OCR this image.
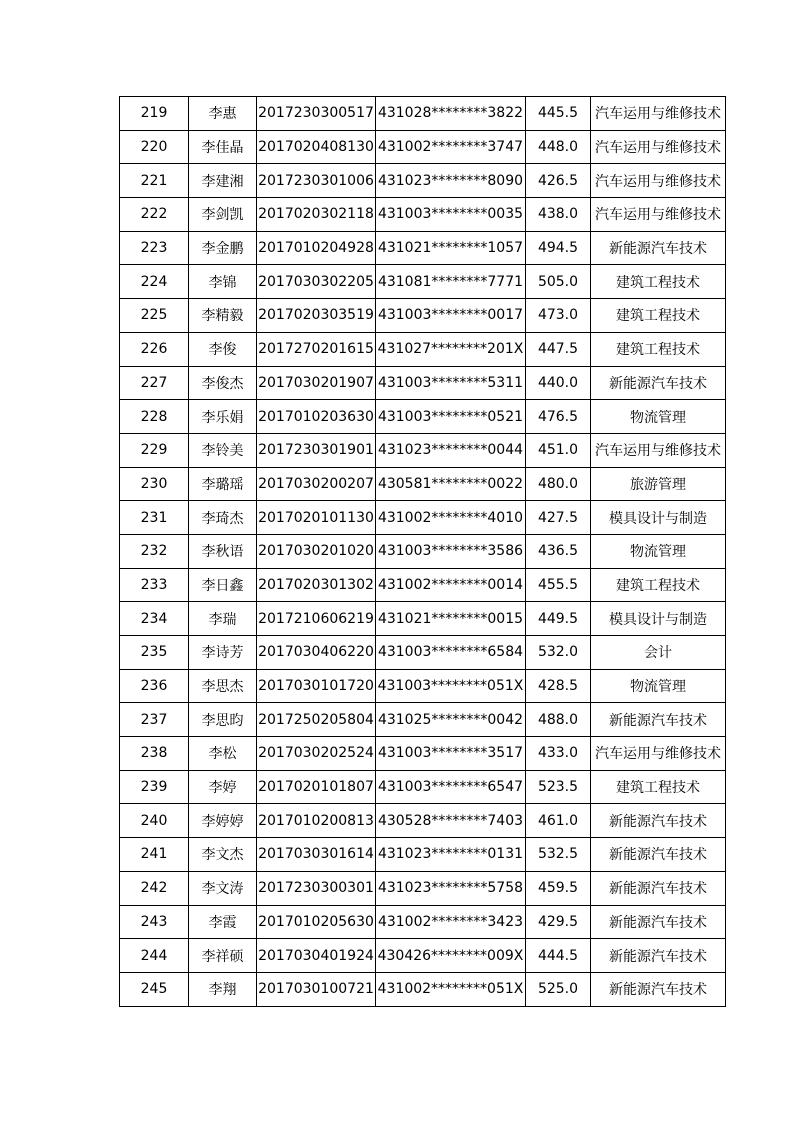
219	李惠	2017230300517	431028********3822	445.5	汽车运用与维修技术
220	李佳晶	2017020408130	431002********3747	448.0	汽车运用与维修技术
221	李建湘	2017230301006	431023********8090	426.5	汽车运用与维修技术
222	李剑凯	2017020302118	431003********0035	438.0	汽车运用与维修技术
223	李金鹏	2017010204928	431021********1057	494.5	新能源汽车技术
224	李锦	2017030302205	431081********7771	505.0	建筑工程技术
225	李精毅	2017020303519	431003********0017	473.0	建筑工程技术
226	李俊	2017270201615	431027********201X	447.5	建筑工程技术
227	李俊杰	2017030201907	431003********5311	440.0	新能源汽车技术
228	李乐娟	2017010203630	431003********0521	476.5	物流管理
229	李铃美	2017230301901	431023********0044	451.0	汽车运用与维修技术
230	李璐瑶	2017030200207	430581********0022	480.0	旅游管理
231	李琦杰	2017020101130	431002********4010	427.5	模具设计与制造
232	李秋语	2017030201020	431003********3586	436.5	物流管理
233	李日鑫	2017020301302	431002********0014	455.5	建筑工程技术
234	李瑞	2017210606219	431021********0015	449.5	模具设计与制造
235	李诗芳	2017030406220	431003********6584	532.0	会计
236	李思杰	2017030101720	431003********051X	428.5	物流管理
237	李思昀	2017250205804	431025********0042	488.0	新能源汽车技术
238	李松	2017030202524	431003********3517	433.0	汽车运用与维修技术
239	李婷	2017020101807	431003********6547	523.5	建筑工程技术
240	李婷婷	2017010200813	430528********7403	461.0	新能源汽车技术
241	李文杰	2017030301614	431023********0131	532.5	新能源汽车技术
242	李文涛	2017230300301	431023********5758	459.5	新能源汽车技术
243	李霞	2017010205630	431002********3423	429.5	新能源汽车技术
244	李祥硕	2017030401924	430426********009X	444.5	新能源汽车技术
245	李翔	2017030100721	431002********051X	525.0	新能源汽车技术
